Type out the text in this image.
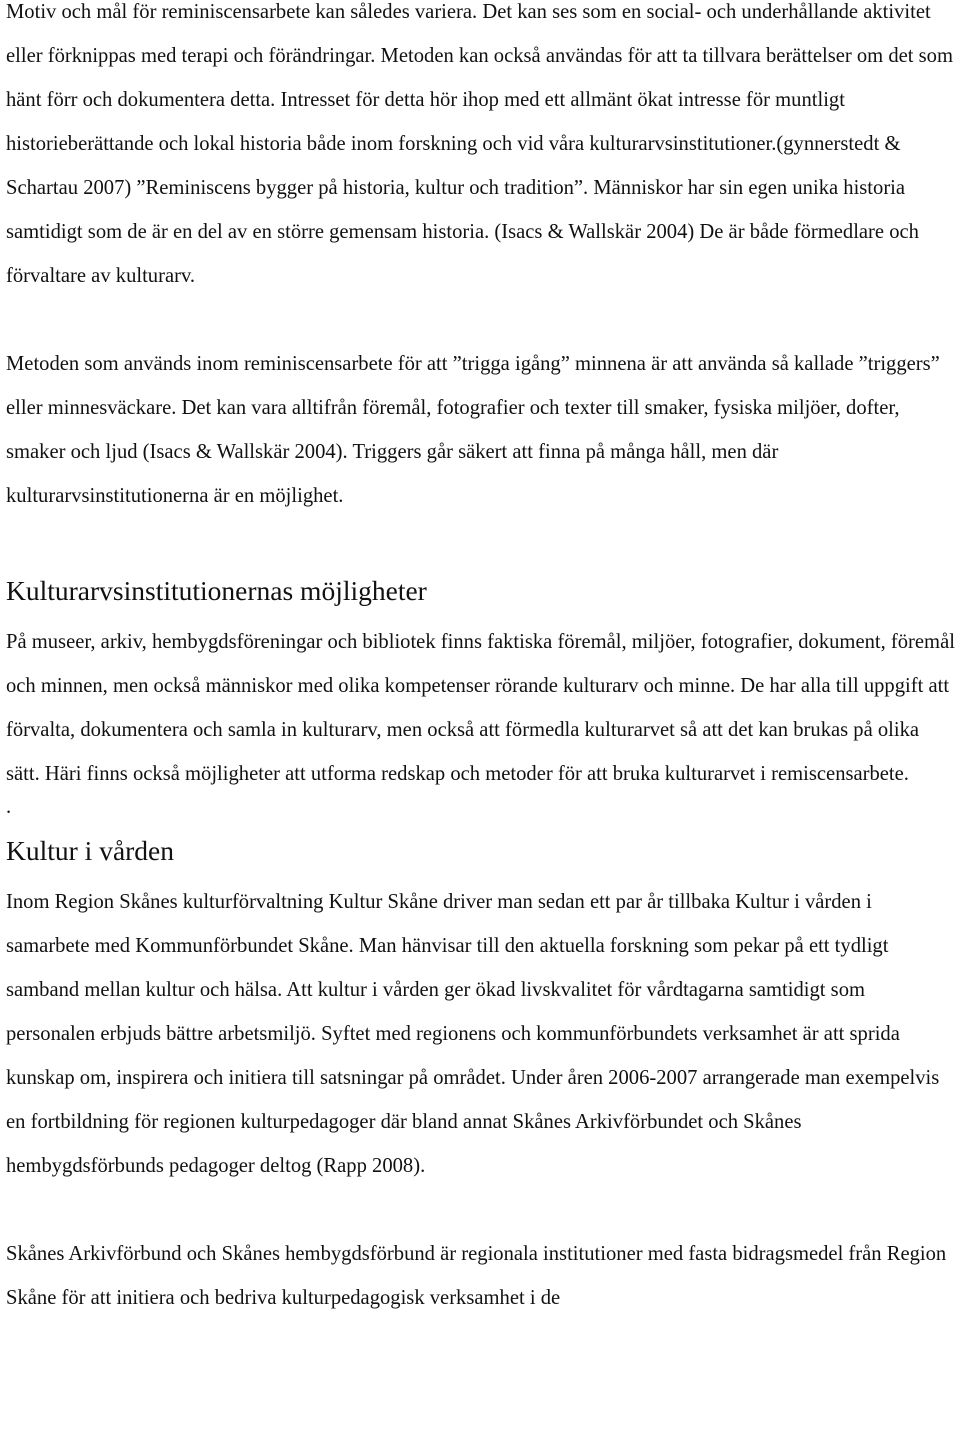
Motiv och mål för reminiscensarbete kan således variera. Det kan ses som en social- och underhållande aktivitet eller förknippas med terapi och förändringar. Metoden kan också användas för att ta tillvara berättelser om det som hänt förr och dokumentera detta. Intresset för detta hör ihop med ett allmänt ökat intresse för muntligt historieberättande och lokal historia både inom forskning och vid våra kulturarvsinstitutioner.(gynnerstedt & Schartau 2007) ”Reminiscens bygger på historia, kultur och tradition”. Människor har sin egen unika historia samtidigt som de är en del av en större gemensam historia. (Isacs & Wallskär 2004) De är både förmedlare och förvaltare av kulturarv.

Metoden som används inom reminiscensarbete för att ”trigga igång” minnena är att använda så kallade ”triggers” eller minnesväckare. Det kan vara alltifrån föremål, fotografier och texter till smaker, fysiska miljöer, dofter, smaker och ljud (Isacs & Wallskär 2004). Triggers går säkert att finna på många håll, men där kulturarvsinstitutionerna är en möjlighet.

Kulturarvsinstitutionernas möjligheter

På museer, arkiv, hembygdsföreningar och bibliotek finns faktiska föremål, miljöer, fotografier, dokument, föremål och minnen, men också människor med olika kompetenser rörande kulturarv och minne. De har alla till uppgift att förvalta, dokumentera och samla in kulturarv, men också att förmedla kulturarvet så att det kan brukas på olika sätt. Häri finns också möjligheter att utforma redskap och metoder för att bruka kulturarvet i remiscensarbete.

.

Kultur i vården

Inom Region Skånes kulturförvaltning Kultur Skåne driver man sedan ett par år tillbaka Kultur i vården i samarbete med Kommunförbundet Skåne. Man hänvisar till den aktuella forskning som pekar på ett tydligt samband mellan kultur och hälsa. Att kultur i vården ger ökad livskvalitet för vårdtagarna samtidigt som personalen erbjuds bättre arbetsmiljö. Syftet med regionens och kommunförbundets verksamhet är att sprida kunskap om, inspirera och initiera till satsningar på området. Under åren 2006-2007 arrangerade man exempelvis en fortbildning för regionen kulturpedagoger där bland annat Skånes Arkivförbundet och Skånes hembygdsförbunds pedagoger deltog (Rapp 2008).

Skånes Arkivförbund och Skånes hembygdsförbund är regionala institutioner med fasta bidragsmedel från Region Skåne för att initiera och bedriva kulturpedagogisk verksamhet i de
